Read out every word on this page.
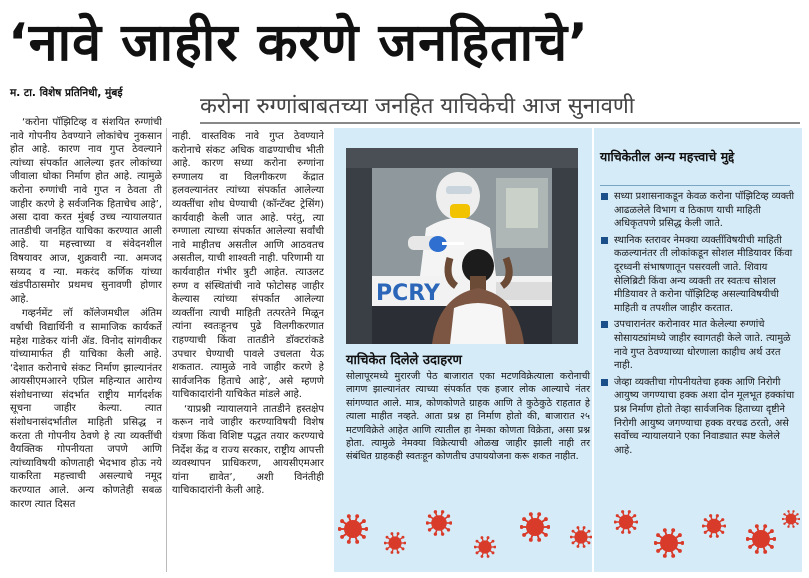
‘नावे जाहीर करणे जनहिताचे’
म. टा. विशेष प्रतिनिधी, मुंबई
करोना रुग्णांबाबतच्या जनहित याचिकेची आज सुनावणी

‘करोना पॉझिटिव्ह व संशयित रुग्णांची नावे गोपनीय ठेवण्याने लोकांचेच नुकसान होत आहे. कारण नाव गुप्त ठेवल्याने त्यांच्या संपर्कात आलेल्या इतर लोकांच्या जीवाला धोका निर्माण होत आहे. त्यामुळे करोना रुग्णांची नावे गुप्त न ठेवता ती जाहीर करणे हे सर्वजनिक हिताचेच आहे’, असा दावा करत मुंबई उच्च न्यायालयात तातडीची जनहित याचिका करण्यात आली आहे. या महत्त्वाच्या व संवेदनशील विषयावर आज, शुक्रवारी न्या. अमजद सय्यद व न्या. मकरंद कर्णिक यांच्या खंडपीठासमोर प्रथमच सुनावणी होणार आहे.

गव्हर्नमेंट लॉ कॉलेजमधील अंतिम वर्षाची विद्यार्थिनी व सामाजिक कार्यकर्ते महेश गाडेकर यांनी ॲड. विनोद सांगवीकर यांच्यामार्फत ही याचिका केली आहे. ‘देशात करोनाचे संकट निर्माण झाल्यानंतर आयसीएमआरने एप्रिल महिन्यात आरोग्य संशोधनाच्या संदर्भात राष्ट्रीय मार्गदर्शक सूचना जाहीर केल्या. त्यात संशोधनासंदर्भातील माहिती प्रसिद्ध न करता ती गोपनीय ठेवणे हे त्या व्यक्तींची वैयक्तिक गोपनीयता जपणे आणि त्यांच्याविषयी कोणताही भेदभाव होऊ नये याकरिता महत्त्वाची असल्याचे नमूद करण्यात आले. अन्य कोणतेही सबळ कारण त्यात दिसत

नाही. वास्तविक नावे गुप्त ठेवण्याने करोनाचे संकट अधिक वाढण्याचीच भीती आहे. कारण सध्या करोना रुग्णांना रुग्णालय वा विलगीकरण केंद्रात हलवल्यानंतर त्यांच्या संपर्कात आलेल्या व्यक्तींचा शोध घेण्याची (कॉन्टॅक्ट ट्रेसिंग) कार्यवाही केली जात आहे. परंतु, त्या रुग्णाला त्याच्या संपर्कात आलेल्या सर्वांची नावे माहीतच असतील आणि आठवतच असतील, याची शाश्वती नाही. परिणामी या कार्यवाहीत गंभीर त्रुटी आहेत. त्याउलट रुग्ण व संस्थितांची नावे फोटोसह जाहीर केल्यास त्यांच्या संपर्कात आलेल्या व्यक्तींना त्याची माहिती तत्परतेने मिळून त्यांना स्वतःहूनच पुढे विलगीकरणात राहण्याची किंवा तातडीने डॉक्टरांकडे उपचार घेण्याची पावले उचलता येऊ शकतात. त्यामुळे नावे जाहीर करणे हे सार्वजनिक हिताचे आहे’, असे म्हणणे याचिकादारांनी याचिकेत मांडले आहे.

‘याप्रश्नी न्यायालयाने तातडीने हस्तक्षेप करून नावे जाहीर करण्याविषयी विशेष यंत्रणा किंवा विशिष्ट पद्धत तयार करण्याचे निर्देश केंद्र व राज्य सरकार, राष्ट्रीय आपत्ती व्यवस्थापन प्राधिकरण, आयसीएमआर यांना द्यावेत’, अशी विनंतीही याचिकादारांनी केली आहे.

PCRY
याचिकेत दिलेले उदाहरण
सोलापूरमध्ये मुरारजी पेठ बाजारात एका मटणविक्रेत्याला करोनाची लागण झाल्यानंतर त्याच्या संपर्कात एक हजार लोक आल्याचे नंतर सांगण्यात आले. मात्र, कोणकोणते ग्राहक आणि ते कुठेकुठे राहतात हे त्याला माहीत नव्हते. आता प्रश्न हा निर्माण होतो की, बाजारात २५ मटणविक्रेते आहेत आणि त्यातील हा नेमका कोणता विक्रेता, असा प्रश्न होता. त्यामुळे नेमक्या विक्रेत्याची ओळख जाहीर झाली नाही तर संबंधित ग्राहकही स्वतःहून कोणतीच उपाययोजना करू शकत नाहीत.
याचिकेतील अन्य महत्त्वाचे मुद्दे
सध्या प्रशासनाकडून केवळ करोना पॉझिटिव्ह व्यक्ती आढळलेले विभाग व ठिकाण याची माहिती अधिकृतपणे प्रसिद्ध केली जाते.
स्थानिक स्तरावर नेमक्या व्यक्तींविषयीची माहिती कळल्यानंतर ती लोकांकडून सोशल मीडियावर किंवा दूरध्वनी संभाषणातून पसरवली जाते. शिवाय सेलिब्रिटी किंवा अन्य व्यक्ती तर स्वतःच सोशल मीडियावर ते करोना पॉझिटिव्ह असल्याविषयीची माहिती व तपशील जाहीर करतात.
उपचारानंतर करोनावर मात केलेल्या रुग्णांचे सोसायट्यांमध्ये जाहीर स्वागतही केले जाते. त्यामुळे नावे गुप्त ठेवण्याच्या धोरणाला काहीच अर्थ उरत नाही.
जेव्हा व्यक्तीचा गोपनीयतेचा हक्क आणि निरोगी आयुष्य जगण्याचा हक्क अशा दोन मूलभूत हक्कांचा प्रश्न निर्माण होतो तेव्हा सार्वजनिक हिताच्या दृष्टीने निरोगी आयुष्य जगण्याचा हक्क वरचढ ठरतो, असे सर्वोच्च न्यायालयाने एका निवाड्यात स्पष्ट केलेले आहे.
